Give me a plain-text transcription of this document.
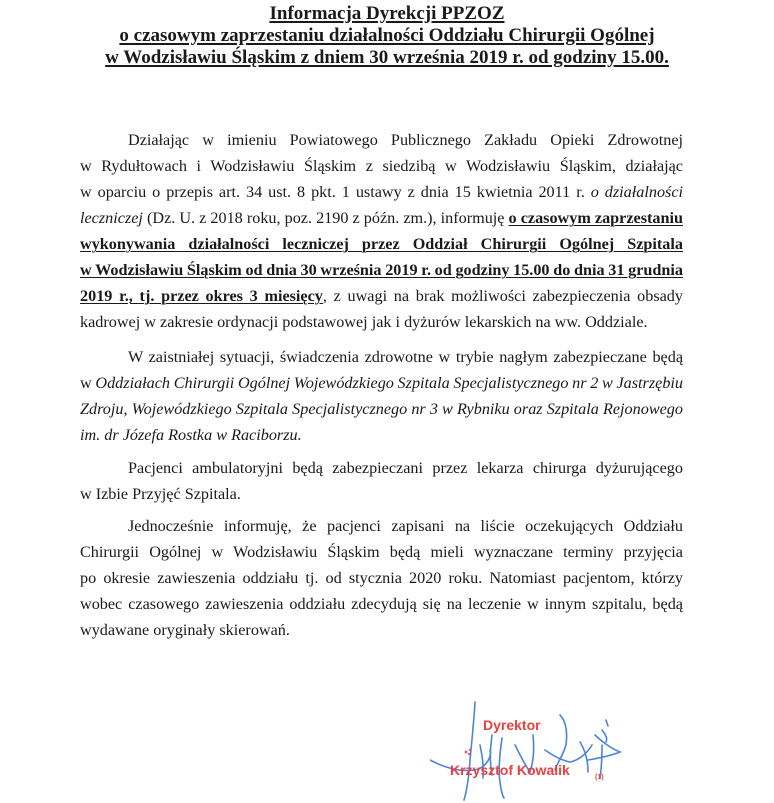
Informacja Dyrekcji PPZOZ
o czasowym zaprzestaniu działalności Oddziału Chirurgii Ogólnej
w Wodzisławiu Śląskim z dniem 30 września 2019 r. od godziny 15.00.
Działając w imieniu Powiatowego Publicznego Zakładu Opieki Zdrowotnej
w Rydułtowach i Wodzisławiu Śląskim z siedzibą w Wodzisławiu Śląskim, działając
w oparciu o przepis art. 34 ust. 8 pkt. 1 ustawy z dnia 15 kwietnia 2011 r. o działalności
leczniczej (Dz. U. z 2018 roku, poz. 2190 z późn. zm.), informuję o czasowym zaprzestaniu
wykonywania działalności leczniczej przez Oddział Chirurgii Ogólnej Szpitala
w Wodzisławiu Śląskim od dnia 30 września 2019 r. od godziny 15.00 do dnia 31 grudnia
2019 r., tj. przez okres 3 miesięcy, z uwagi na brak możliwości zabezpieczenia obsady
kadrowej w zakresie ordynacji podstawowej jak i dyżurów lekarskich na ww. Oddziale.
W zaistniałej sytuacji, świadczenia zdrowotne w trybie nagłym zabezpieczane będą
w Oddziałach Chirurgii Ogólnej Wojewódzkiego Szpitala Specjalistycznego nr 2 w Jastrzębiu
Zdroju, Wojewódzkiego Szpitala Specjalistycznego nr 3 w Rybniku oraz Szpitala Rejonowego
im. dr Józefa Rostka w Raciborzu.
Pacjenci ambulatoryjni będą zabezpieczani przez lekarza chirurga dyżurującego
w Izbie Przyjęć Szpitala.
Jednocześnie informuję, że pacjenci zapisani na liście oczekujących Oddziału
Chirurgii Ogólnej w Wodzisławiu Śląskim będą mieli wyznaczane terminy przyjęcia
po okresie zawieszenia oddziału tj. od stycznia 2020 roku. Natomiast pacjentom, którzy
wobec czasowego zawieszenia oddziału zdecydują się na leczenie w innym szpitalu, będą
wydawane oryginały skierowań.
Dyrektor
Krzysztof Kowalik	(1)
